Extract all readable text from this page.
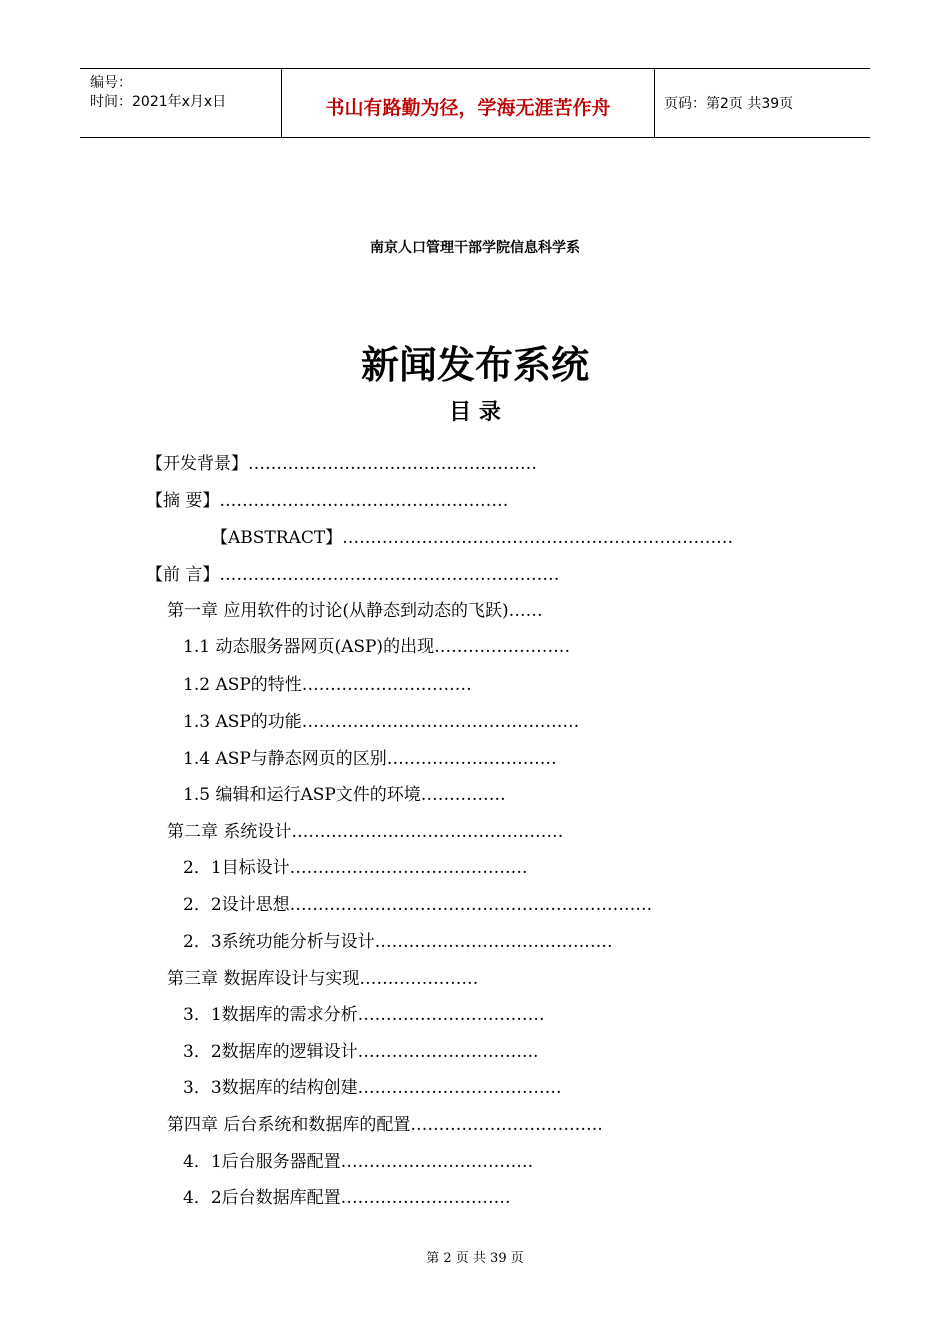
编号：
时间：2021年x月x日	书山有路勤为径，学海无涯苦作舟	页码：第2页 共39页
南京人口管理干部学院信息科学系
新闻发布系统
目 录
【开发背景】……………………………………………
【摘 要】……………………………………………
【ABSTRACT】……………………………………………………………
【前 言】……………………………………………………
第一章 应用软件的讨论(从静态到动态的飞跃)……
1.1 动态服务器网页(ASP)的出现……………………
1.2 ASP的特性…………………………
1.3 ASP的功能………………………………………….
1.4 ASP与静态网页的区别…………………………
1.5 编辑和运行ASP文件的环境……………
第二章 系统设计…………………………………………
2．1目标设计……………………………………
2．2设计思想……………………………………………………….
2．3系统功能分析与设计……………………………………
第三章 数据库设计与实现…………………
3．1数据库的需求分析……………………………
3．2数据库的逻辑设计…………………………..
3．3数据库的结构创建………………………………
第四章 后台系统和数据库的配置…………………………….
4．1后台服务器配置…………………………….
4．2后台数据库配置…………………………
第 2 页 共 39 页
